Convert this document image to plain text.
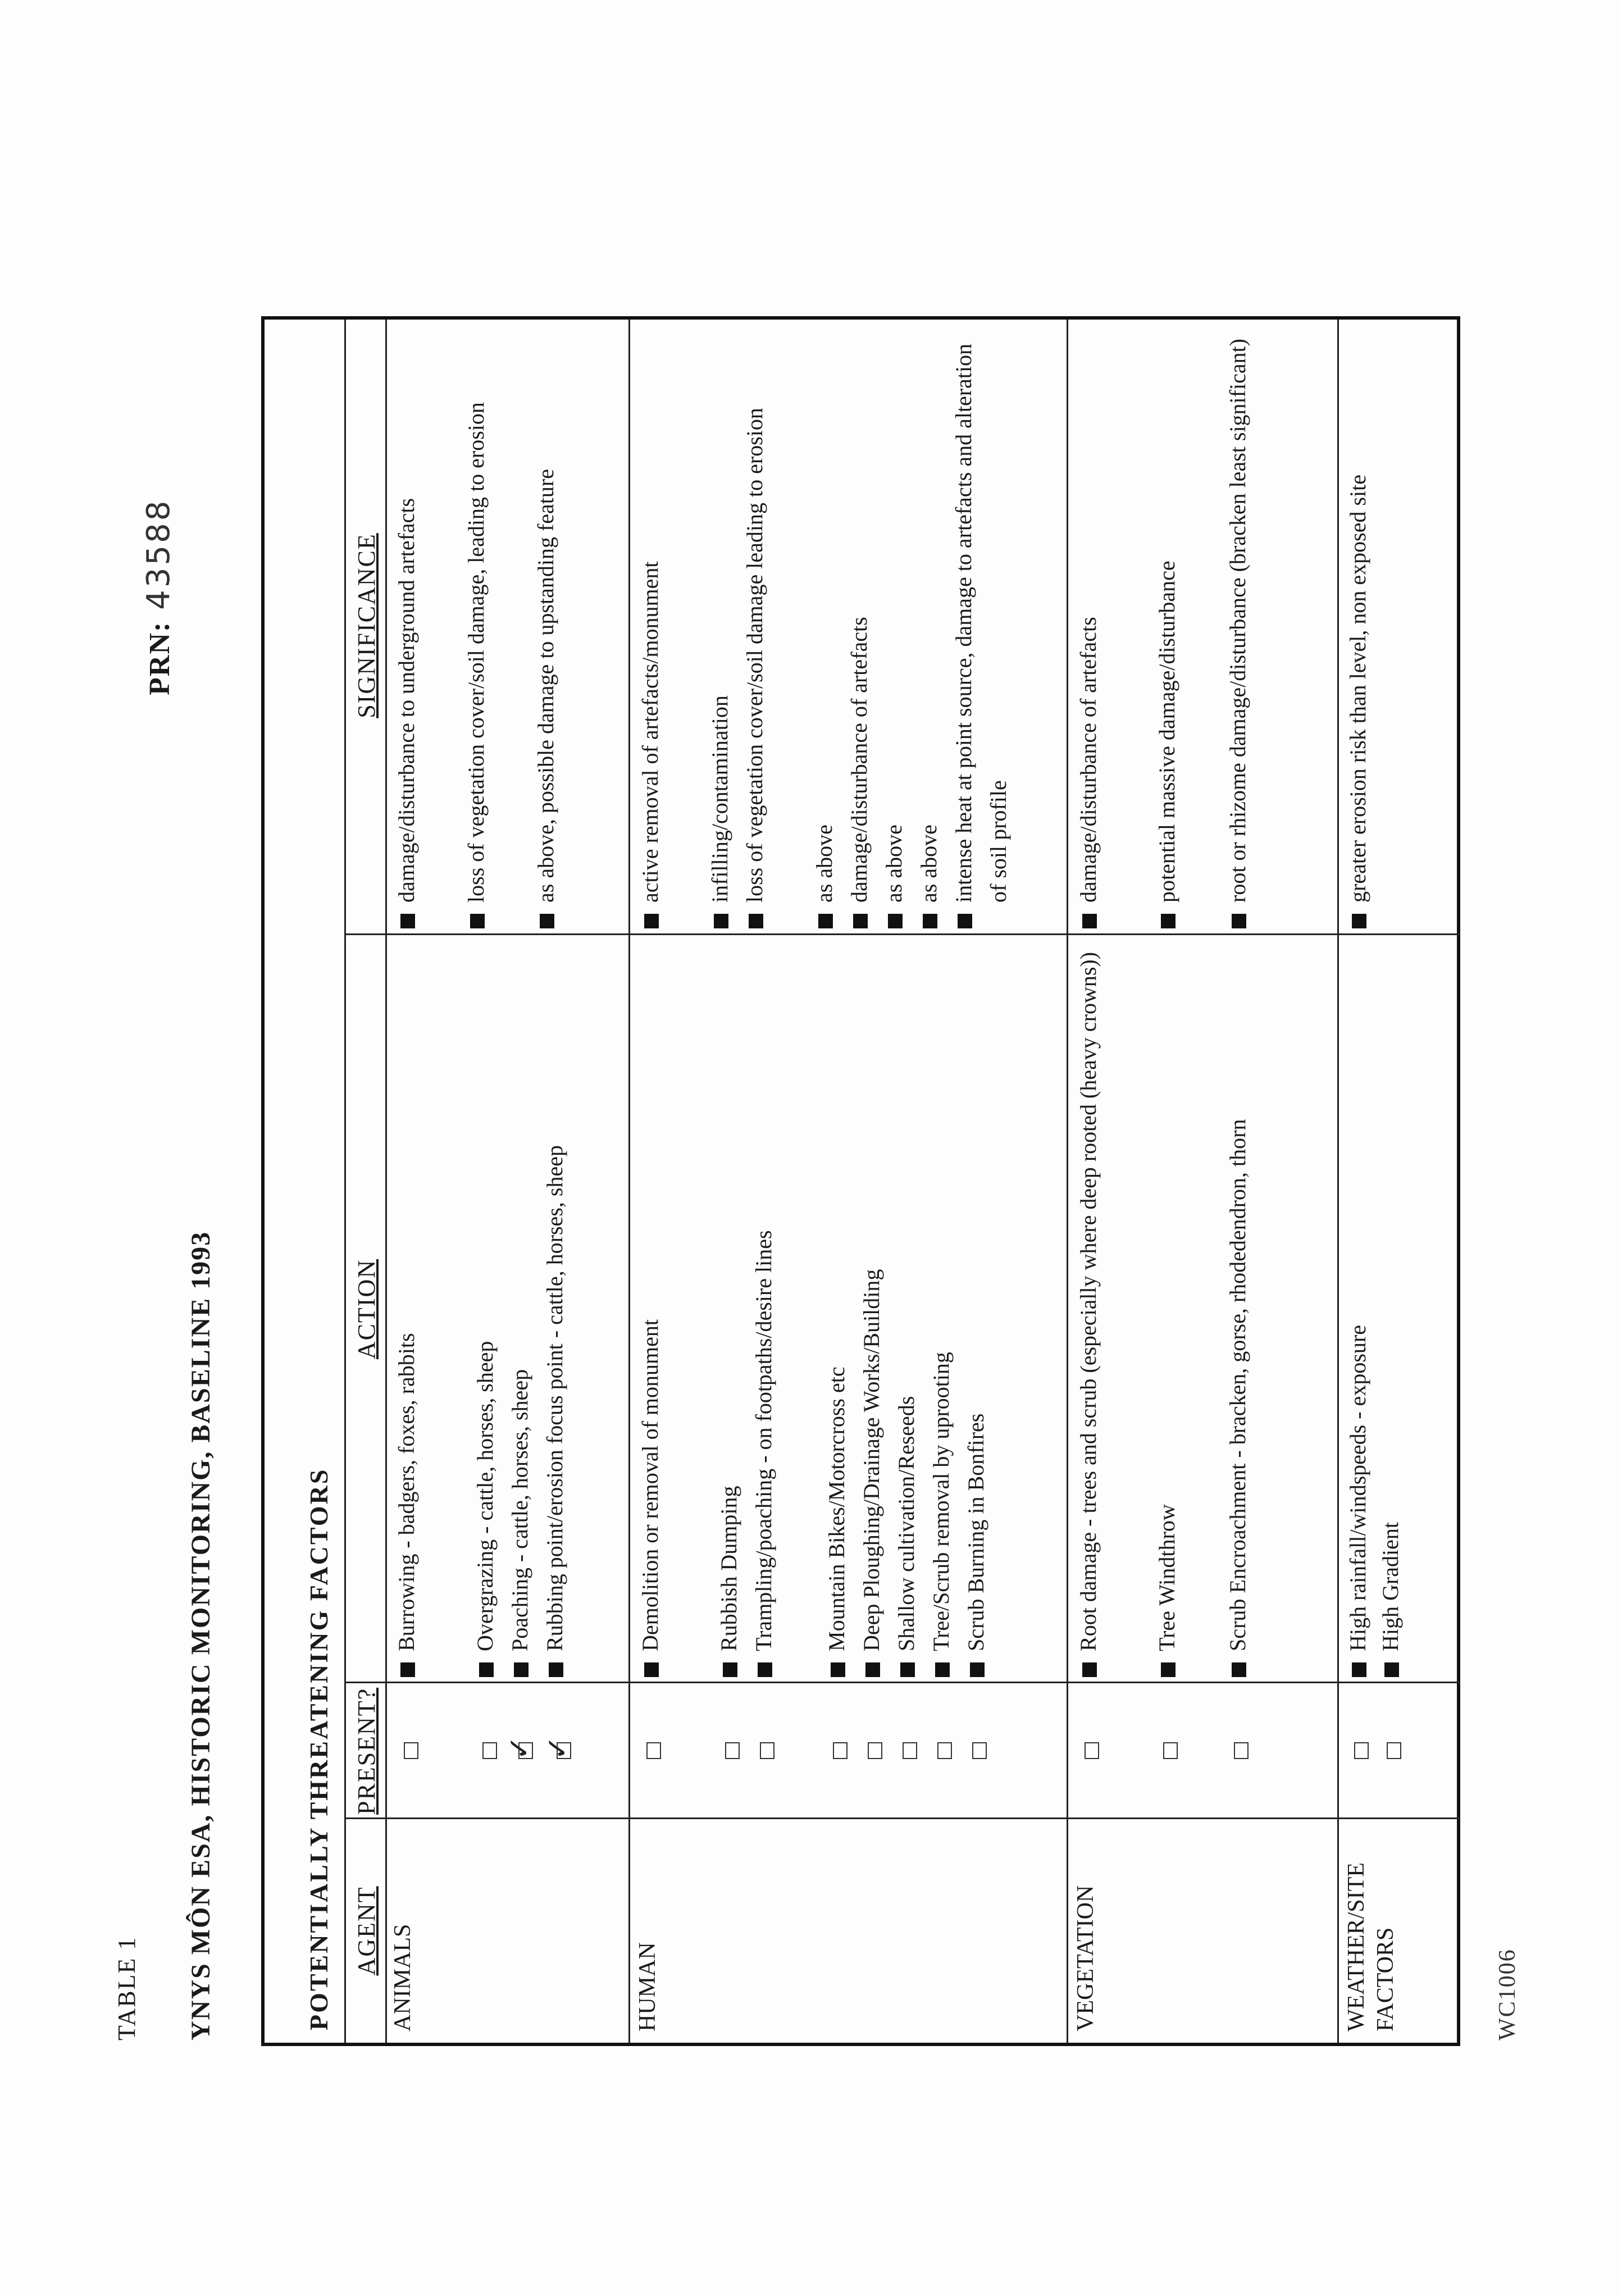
TABLE 1 YNYS MÔN ESA, HISTORIC MONITORING, BASELINE 1993
PRN:43588
POTENTIALLY THREATENING FACTORS AGENT
PRESENT?
ACTION
SIGNIFICANCE
ANIMALS
✓
✓
Burrowing - badgers, foxes, rabbits Overgrazing - cattle, horses, sheep Poaching - cattle, horses, sheep Rubbing point/erosion focus point - cattle, horses, sheep
damage/disturbance to underground artefacts loss of vegetation cover/soil damage, leading to erosion as above, possible damage to upstanding feature
HUMAN
Demolition or removal of monument Rubbish Dumping Trampling/poaching - on footpaths/desire lines Mountain Bikes/Motorcross etc Deep Ploughing/Drainage Works/Building Shallow cultivation/Reseeds Tree/Scrub removal by uprooting Scrub Burning in Bonfires
active removal of artefacts/monument infilling/contamination loss of vegetation cover/soil damage leading to erosion as above damage/disturbance of artefacts as above as above intense heat at point source, damage to artefacts and alteration of soil profile
VEGETATION
Root damage - trees and scrub (especially where deep rooted (heavy crowns)) Tree Windthrow Scrub Encroachment - bracken, gorse, rhodedendron, thorn
damage/disturbance of artefacts potential massive damage/disturbance root or rhizome damage/disturbance (bracken least significant)
WEATHER/SITE FACTORS
High rainfall/windspeeds - exposure High Gradient
greater erosion risk than level, non exposed site
WC1006
